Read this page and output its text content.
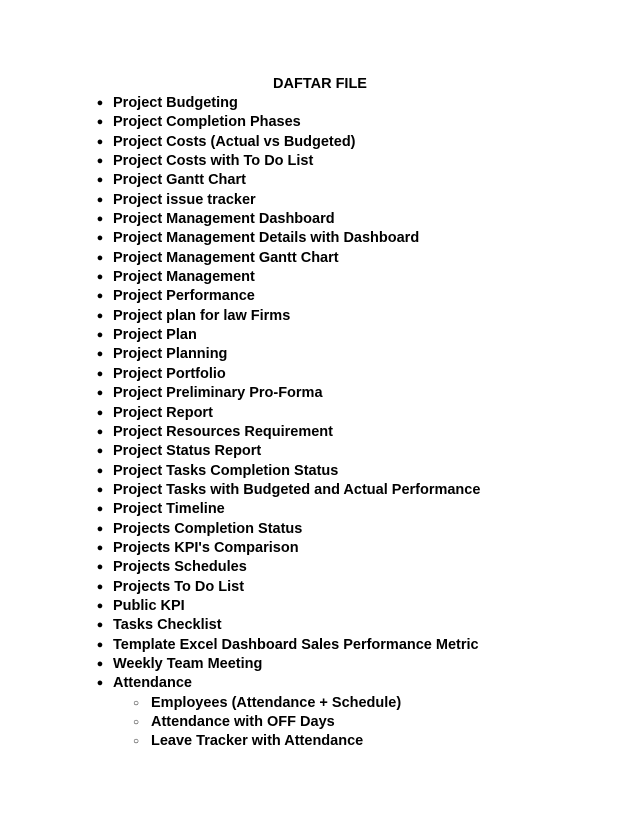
DAFTAR FILE
● Project Budgeting
● Project Completion Phases
● Project Costs (Actual vs Budgeted)
● Project Costs with To Do List
● Project Gantt Chart
● Project issue tracker
● Project Management Dashboard
● Project Management Details with Dashboard
● Project Management Gantt Chart
● Project Management
● Project Performance
● Project plan for law Firms
● Project Plan
● Project Planning
● Project Portfolio
● Project Preliminary Pro-Forma
● Project Report
● Project Resources Requirement
● Project Status Report
● Project Tasks Completion Status
● Project Tasks with Budgeted and Actual Performance
● Project Timeline
● Projects Completion Status
● Projects KPI's Comparison
● Projects Schedules
● Projects To Do List
● Public KPI
● Tasks Checklist
● Template Excel Dashboard Sales Performance Metric
● Weekly Team Meeting
● Attendance
○ Employees (Attendance + Schedule)
○ Attendance with OFF Days
○ Leave Tracker with Attendance
